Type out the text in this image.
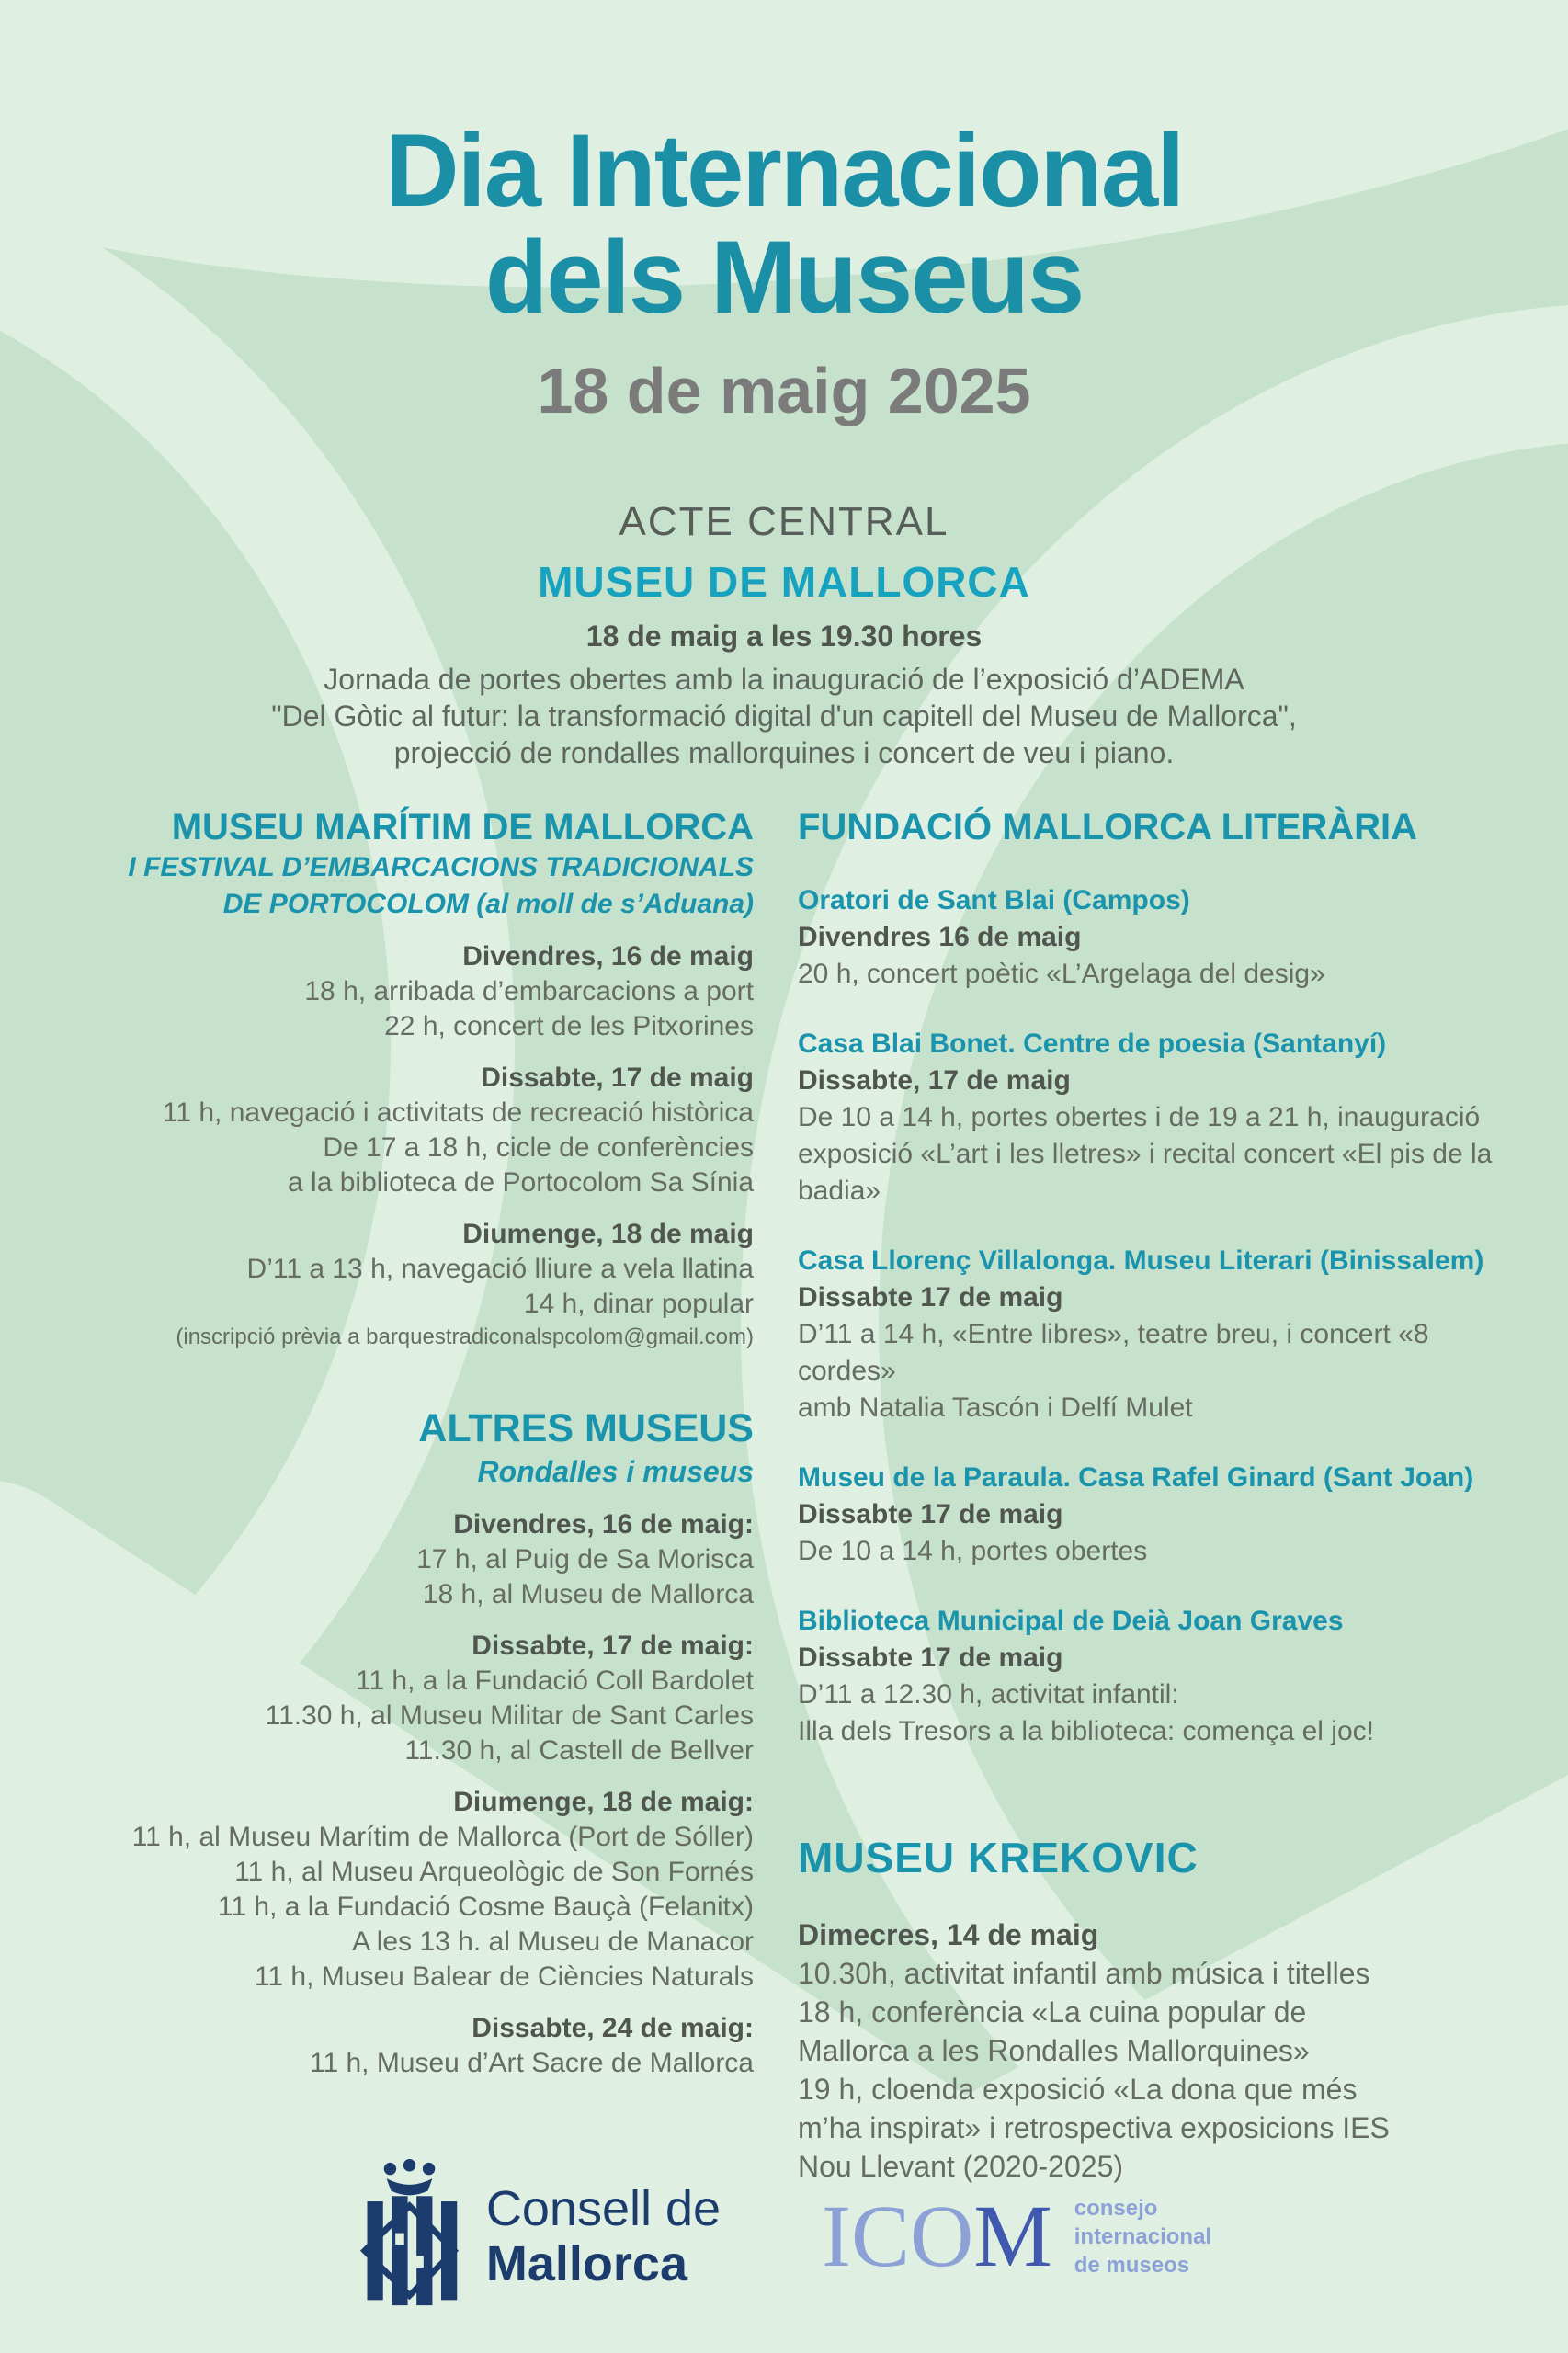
Dia Internacional
dels Museus
18 de maig 2025
ACTE CENTRAL
MUSEU DE MALLORCA
18 de maig a les 19.30 hores

Jornada de portes obertes amb la inauguració de l’exposició d’ADEMA

"Del Gòtic al futur: la transformació digital d'un capitell del Museu de Mallorca",

projecció de rondalles mallorquines i concert de veu i piano.

MUSEU MARÍTIM DE MALLORCA

I FESTIVAL D’EMBARCACIONS TRADICIONALS

DE PORTOCOLOM (al moll de s’Aduana)

Divendres, 16 de maig

18 h, arribada d’embarcacions a port

22 h, concert de les Pitxorines

Dissabte, 17 de maig

11 h, navegació i activitats de recreació històrica

De 17 a 18 h, cicle de conferències

a la biblioteca de Portocolom Sa Sínia

Diumenge, 18 de maig

D’11 a 13 h, navegació lliure a vela llatina

14 h, dinar popular

(inscripció prèvia a barquestradiconalspcolom@gmail.com)

ALTRES MUSEUS

Rondalles i museus

Divendres, 16 de maig:

17 h, al Puig de Sa Morisca

18 h, al Museu de Mallorca

Dissabte, 17 de maig:

11 h, a la Fundació Coll Bardolet

11.30 h, al Museu Militar de Sant Carles

11.30 h, al Castell de Bellver

Diumenge, 18 de maig:

11 h, al Museu Marítim de Mallorca (Port de Sóller)

11 h, al Museu Arqueològic de Son Fornés

11 h, a la Fundació Cosme Bauçà (Felanitx)

A les 13 h. al Museu de Manacor

11 h, Museu Balear de Ciències Naturals

Dissabte, 24 de maig:

11 h, Museu d’Art Sacre de Mallorca

FUNDACIÓ MALLORCA LITERÀRIA
Oratori de Sant Blai (Campos)
Divendres 16 de maig

20 h, concert poètic «L’Argelaga del desig»

Casa Blai Bonet. Centre de poesia (Santanyí)
Dissabte, 17 de maig

De 10 a 14 h, portes obertes i de 19 a 21 h, inauguració

exposició «L’art i les lletres» i recital concert «El pis de la

badia»

Casa Llorenç Villalonga. Museu Literari (Binissalem)
Dissabte 17 de maig

D’11 a 14 h, «Entre libres», teatre breu, i concert «8 cordes»

amb Natalia Tascón i Delfí Mulet

Museu de la Paraula. Casa Rafel Ginard (Sant Joan)
Dissabte 17 de maig

De 10 a 14 h, portes obertes

Biblioteca Municipal de Deià Joan Graves
Dissabte 17 de maig

D’11 a 12.30 h, activitat infantil:

Illa dels Tresors a la biblioteca: comença el joc!

MUSEU KREKOVIC
Dimecres, 14 de maig

10.30h, activitat infantil amb música i titelles

18 h, conferència «La cuina popular de

Mallorca a les Rondalles Mallorquines»

19 h, cloenda exposició «La dona que més

m’ha inspirat» i retrospectiva exposicions IES

Nou Llevant (2020-2025)

Consell de
Mallorca	ICOM consejo
internacional
de museos
